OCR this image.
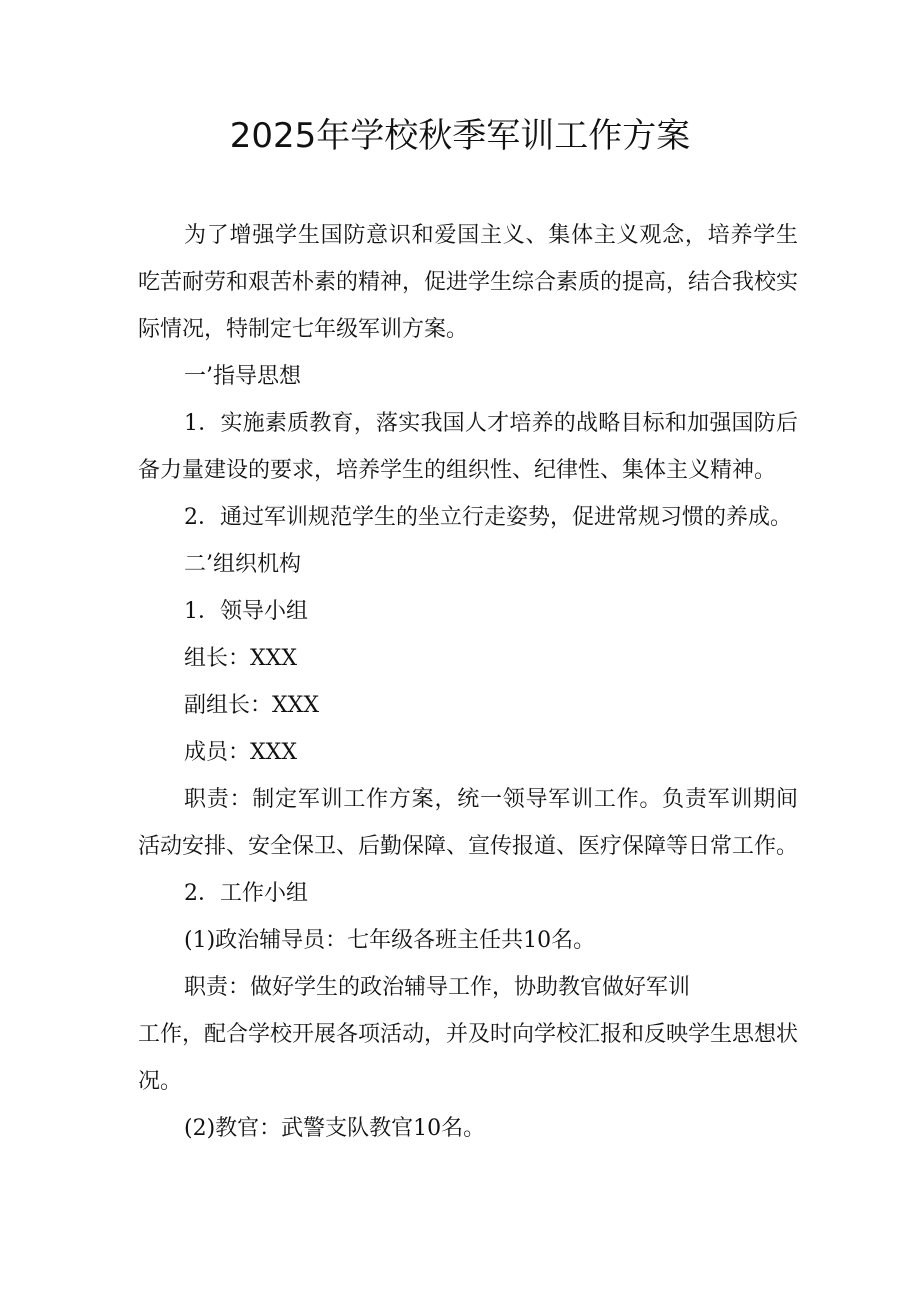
2025年学校秋季军训工作方案

为了增强学生国防意识和爱国主义、集体主义观念，培养学生吃苦耐劳和艰苦朴素的精神，促进学生综合素质的提高，结合我校实际情况，特制定七年级军训方案。

一’指导思想

1．实施素质教育，落实我国人才培养的战略目标和加强国防后备力量建设的要求，培养学生的组织性、纪律性、集体主义精神。

2．通过军训规范学生的坐立行走姿势，促进常规习惯的养成。

二’组织机构

1．领导小组

组长：XXX

副组长：XXX

成员：XXX

职责：制定军训工作方案，统一领导军训工作。负责军训期间活动安排、安全保卫、后勤保障、宣传报道、医疗保障等日常工作。

2．工作小组

(1)政治辅导员：七年级各班主任共10名。

职责：做好学生的政治辅导工作，协助教官做好军训

工作，配合学校开展各项活动，并及时向学校汇报和反映学生思想状况。

(2)教官：武警支队教官10名。
